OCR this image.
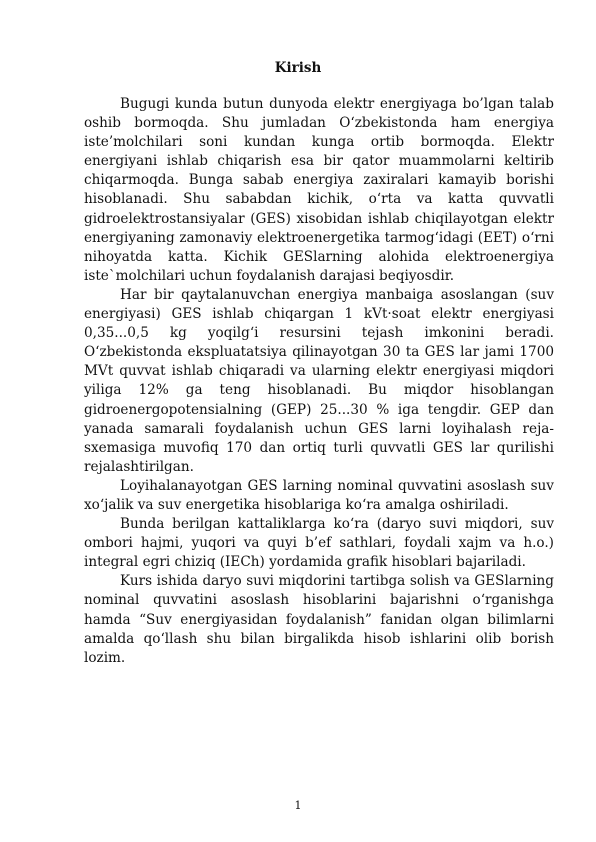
Kirish

Bugugi kunda butun dunyoda elektr energiyaga bo’lgan talab oshib bormoqda. Shu jumladan O‘zbekistonda ham energiya iste’molchilari soni kundan kunga ortib bormoqda. Elektr energiyani ishlab chiqarish esa bir qator muammolarni keltirib chiqarmoqda. Bunga sabab energiya zaxiralari kamayib borishi hisoblanadi. Shu sababdan kichik, o‘rta va katta quvvatli gidroelektrostansiyalar (GES) xisobidan ishlab chiqilayotgan elektr energiyaning zamonaviy elektroenergetika tarmog‘idagi (EET) o‘rni nihoyatda katta. Kichik GESlarning alohida elektroenergiya iste`molchilari uchun foydalanish darajasi beqiyosdir.

Har bir qaytalanuvchan energiya manbaiga asoslangan (suv energiyasi) GES ishlab chiqargan 1 kVt·soat elektr energiyasi 0,35...0,5 kg yoqilg‘i resursini tejash imkonini beradi. O‘zbekistonda ekspluatatsiya qilinayotgan 30 ta GES lar jami 1700 MVt quvvat ishlab chiqaradi va ularning elektr energiyasi miqdori yiliga 12% ga teng hisoblanadi. Bu miqdor hisoblangan gidroenergopotensialning (GEP) 25...30 % iga tengdir. GEP dan yanada samarali foydalanish uchun GES larni loyihalash reja-sxemasiga muvofiq 170 dan ortiq turli quvvatli GES lar qurilishi rejalashtirilgan.

Loyihalanayotgan GES larning nominal quvvatini asoslash suv xo‘jalik va suv energetika hisoblariga ko‘ra amalga oshiriladi.

Bunda berilgan kattaliklarga ko‘ra (daryo suvi miqdori, suv ombori hajmi, yuqori va quyi b’ef sathlari, foydali xajm va h.o.) integral egri chiziq (IECh) yordamida grafik hisoblari bajariladi.

Kurs ishida daryo suvi miqdorini tartibga solish va GESlarning nominal quvvatini asoslash hisoblarini bajarishni o‘rganishga hamda “Suv energiyasidan foydalanish” fanidan olgan bilimlarni amalda qo‘llash shu bilan birgalikda hisob ishlarini olib borish lozim.

1
